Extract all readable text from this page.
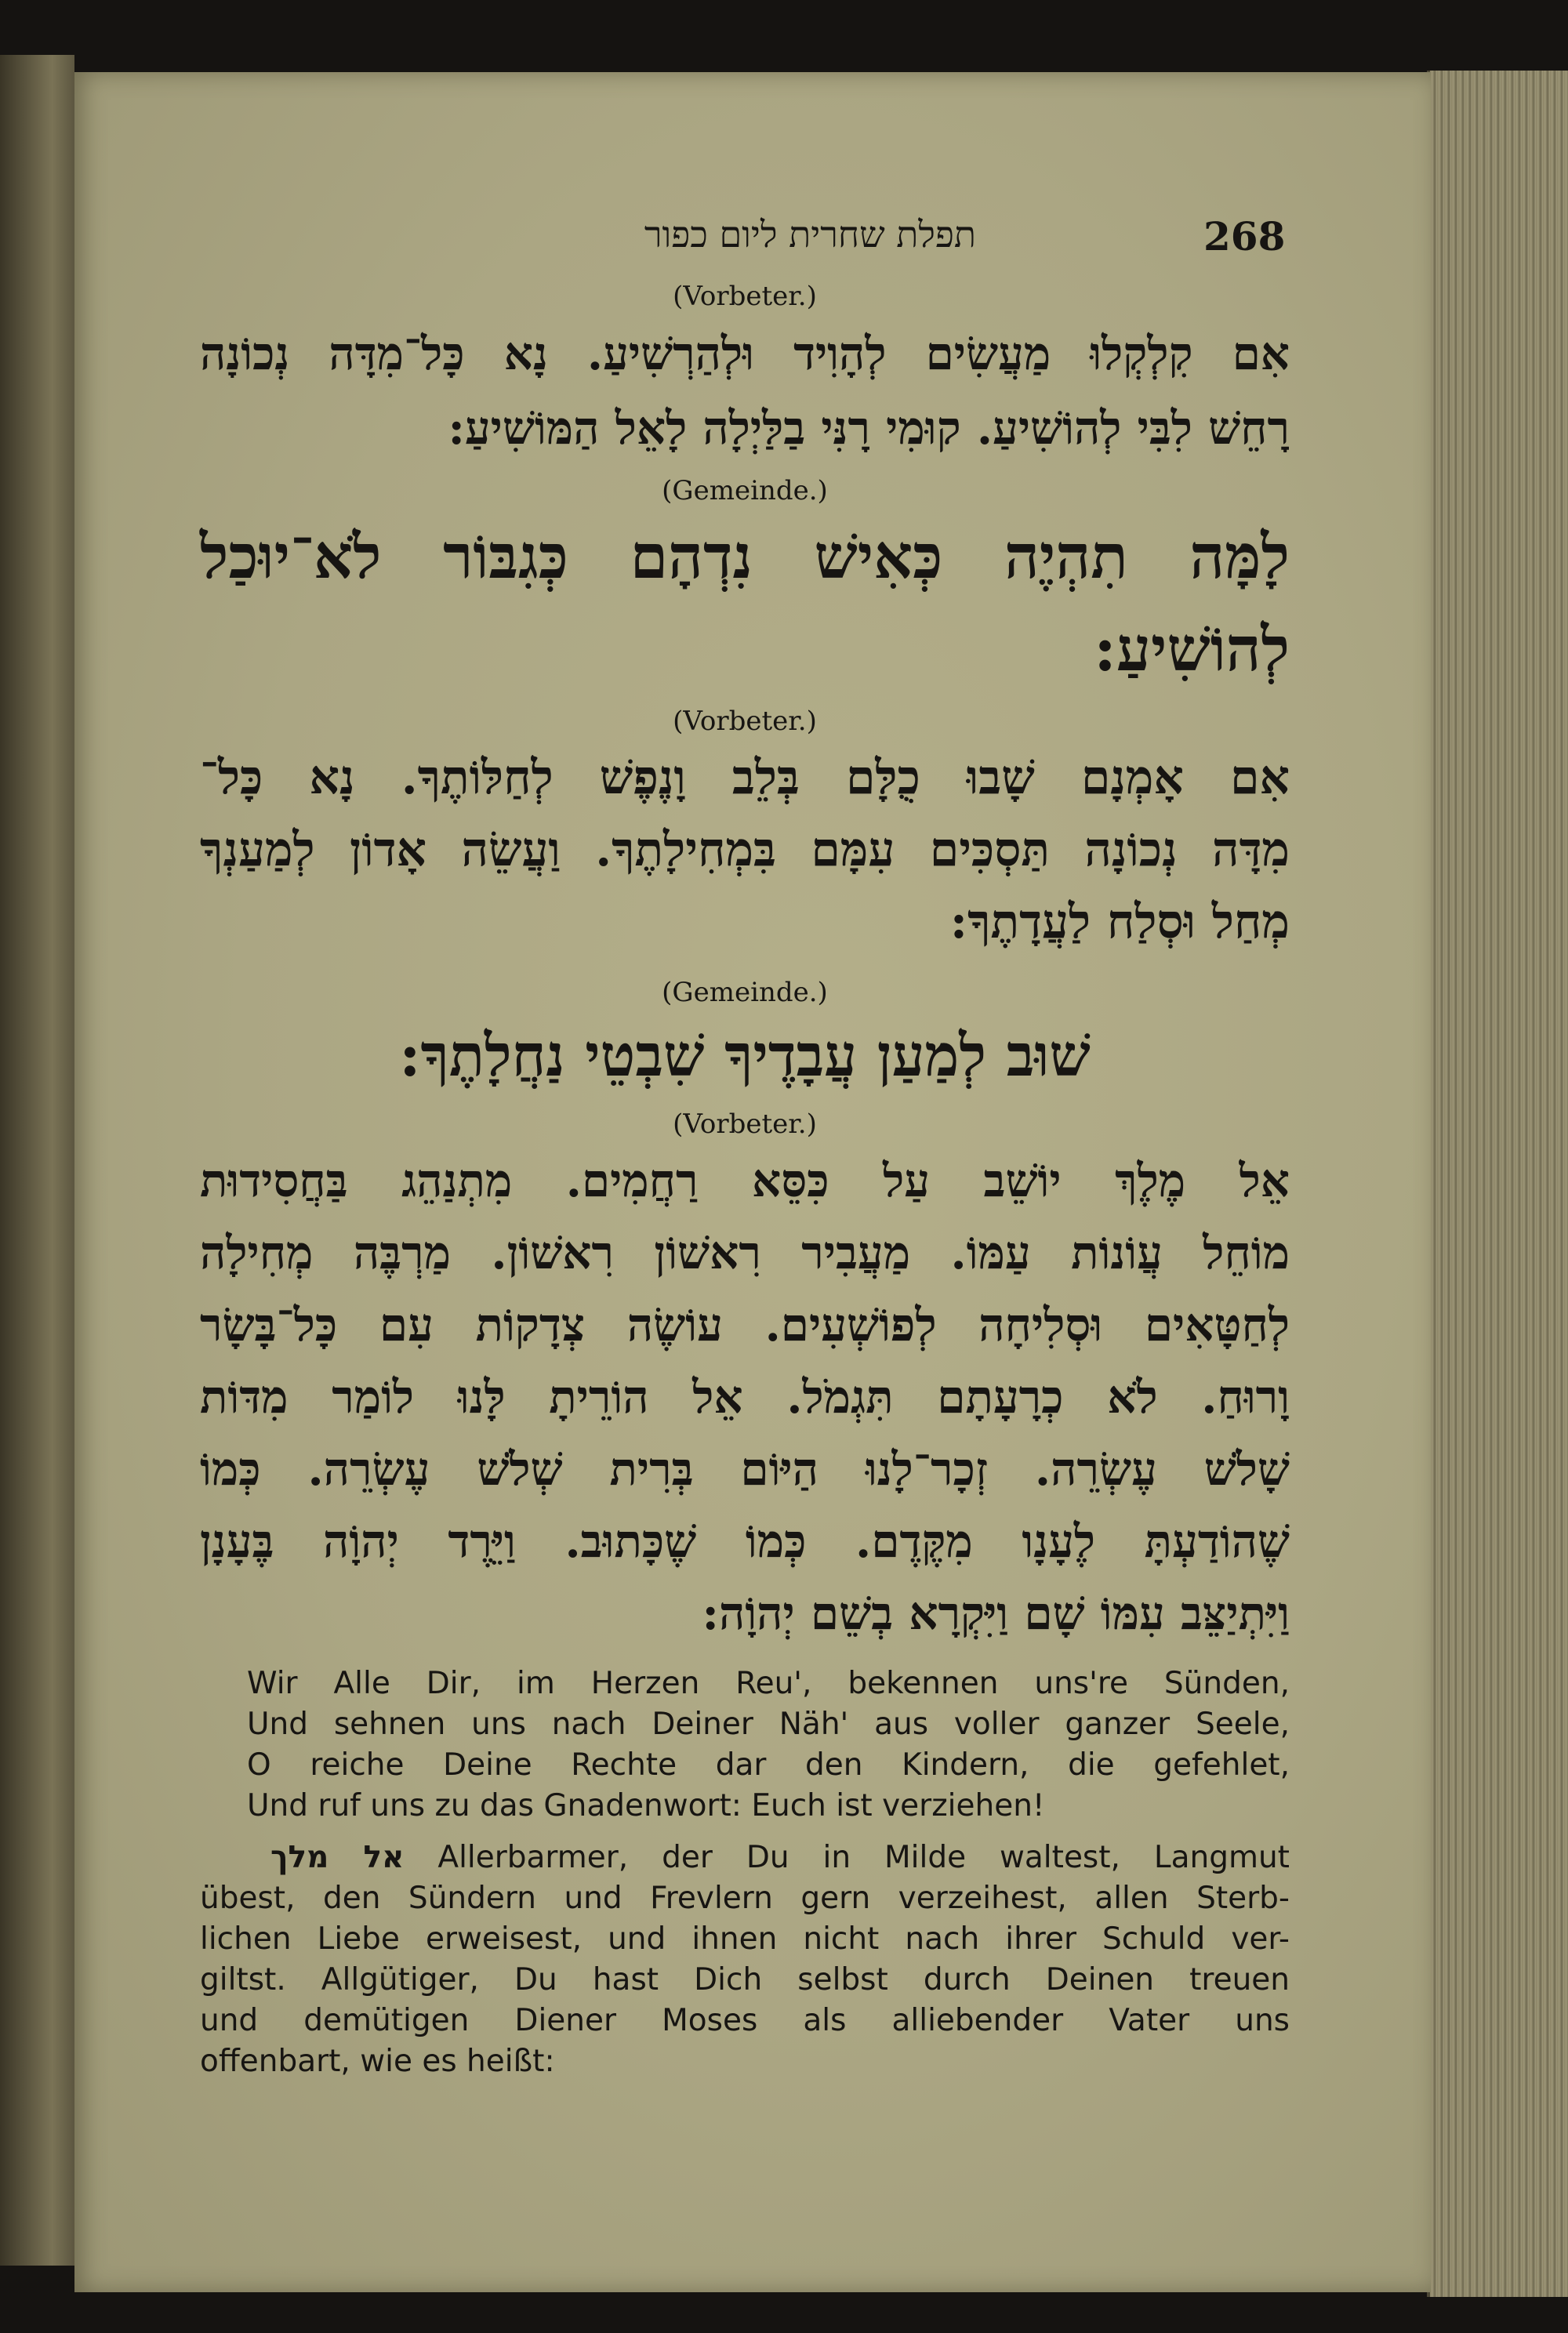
תפלת שחרית ליום כפור	268
(Vorbeter.)
אִם קִלְקְלוּ מַעֲשִׂים לְהָוִיד וּלְהַרְשִׁיעַ. נָא כָּל־מִדָּה נְכוֹנָה
רָחֵשׁ לִבִּי לְהוֹשִׁיעַ. קוּמִי רָנִּי בַלַּיְלָה לָאֵל הַמּוֹשִׁיעַ:
(Gemeinde.)
לָמָּה תִהְיֶה כְּאִישׁ נִדְהָם כְּגִבּוֹר לֹא־יוּכַל
לְהוֹשִׁיעַ:
(Vorbeter.)
אִם אָמְנָם שָׁבוּ כֻלָּם בְּלֵב וָנֶפֶשׁ לְחַלּוֹתֶךָ. נָא כָּל־
מִדָּה נְכוֹנָה תַּסְכִּים עִמָּם בִּמְחִילָתֶךָ. וַעֲשֵׂה אָדוֹן לְמַעַנְךָ
מְחַל וּסְלַח לַעֲדָתֶךָ:
(Gemeinde.)
שׁוּב לְמַעַן עֲבָדֶיךָ שִׁבְטֵי נַחֲלָתֶךָ:
(Vorbeter.)
אֵל מֶלֶךְ יוֹשֵׁב עַל כִּסֵּא רַחֲמִים. מִתְנַהֵג בַּחֲסִידוּת
מוֹחֵל עֲוֹנוֹת עַמּוֹ. מַעֲבִיר רִאשׁוֹן רִאשׁוֹן. מַרְבֶּה מְחִילָה
לְחַטָּאִים וּסְלִיחָה לְפוֹשְׁעִים. עוֹשֶׂה צְדָקוֹת עִם כָּל־בָּשָׂר
וָרוּחַ. לֹא כְרָעָתָם תִּגְמֹל. אֵל הוֹרֵיתָ לָּנוּ לוֹמַר מִדּוֹת
שָׁלֹשׁ עֶשְׂרֵה. זְכָר־לָנוּ הַיּוֹם בְּרִית שְׁלֹשׁ עֶשְׂרֵה. כְּמוֹ
שֶׁהוֹדַעְתָּ לֶעָנָו מִקֶּדֶם. כְּמוֹ שֶׁכָּתוּב. וַיֵּרֶד יְהוָֹה בֶּעָנָן
וַיִּתְיַצֵּב עִמּוֹ שָׁם וַיִּקְרָא בְשֵׁם יְהוָֹה:
Wir Alle Dir, im Herzen Reu', bekennen uns're Sünden,
Und sehnen uns nach Deiner Näh' aus voller ganzer Seele,
O reiche Deine Rechte dar den Kindern, die gefehlet,
Und ruf uns zu das Gnadenwort: Euch ist verziehen!
אל מלך Allerbarmer, der Du in Milde waltest, Langmut
übest, den Sündern und Frevlern gern verzeihest, allen Sterb-
lichen Liebe erweisest, und ihnen nicht nach ihrer Schuld ver-
giltst. Allgütiger, Du hast Dich selbst durch Deinen treuen
und demütigen Diener Moses als alliebender Vater uns
offenbart, wie es heißt:
